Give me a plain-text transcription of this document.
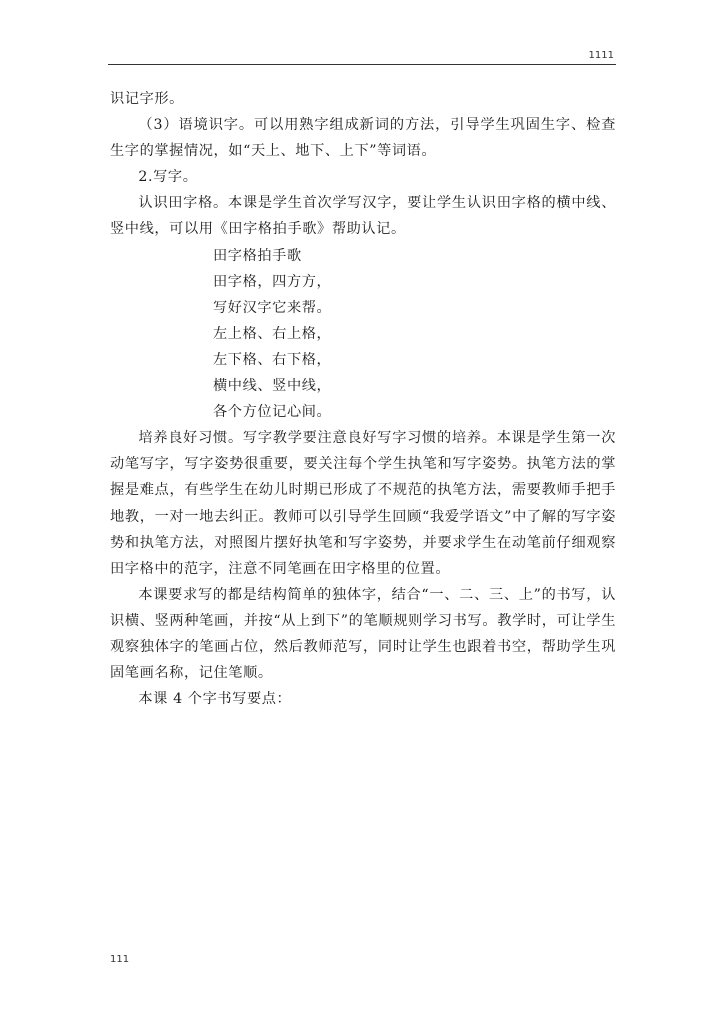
1111

识记字形。

（3）语境识字。可以用熟字组成新词的方法，引导学生巩固生字、检查生字的掌握情况，如“天上、地下、上下”等词语。

2.写字。

认识田字格。本课是学生首次学写汉字，要让学生认识田字格的横中线、竖中线，可以用《田字格拍手歌》帮助认记。

田字格拍手歌

田字格，四方方，

写好汉字它来帮。

左上格、右上格，

左下格、右下格，

横中线、竖中线，

各个方位记心间。

培养良好习惯。写字教学要注意良好写字习惯的培养。本课是学生第一次动笔写字，写字姿势很重要，要关注每个学生执笔和写字姿势。执笔方法的掌握是难点，有些学生在幼儿时期已形成了不规范的执笔方法，需要教师手把手地教，一对一地去纠正。教师可以引导学生回顾“我爱学语文”中了解的写字姿势和执笔方法，对照图片摆好执笔和写字姿势，并要求学生在动笔前仔细观察田字格中的范字，注意不同笔画在田字格里的位置。

本课要求写的都是结构简单的独体字，结合“一、二、三、上”的书写，认识横、竖两种笔画，并按“从上到下”的笔顺规则学习书写。教学时，可让学生观察独体字的笔画占位，然后教师范写，同时让学生也跟着书空，帮助学生巩固笔画名称，记住笔顺。

本课 4 个字书写要点：

111
